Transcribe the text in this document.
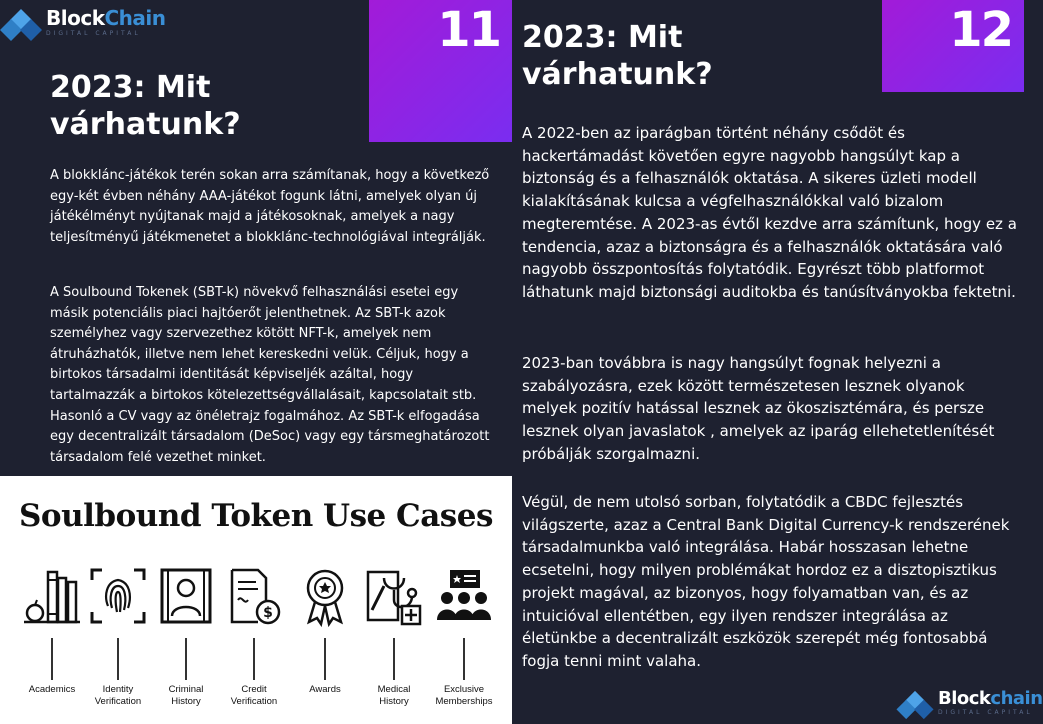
BlockChain
DIGITAL CAPITAL	11
2023: Mit
várhatunk?

A blokklánc-játékok terén sokan arra számítanak, hogy a következő egy-két évben néhány AAA-játékot fogunk látni, amelyek olyan új játékélményt nyújtanak majd a játékosoknak, amelyek a nagy teljesítményű játékmenetet a blokklánc-technológiával integrálják.

A Soulbound Tokenek (SBT-k) növekvő felhasználási esetei egy másik potenciális piaci hajtóerőt jelenthetnek. Az SBT-k azok személyhez vagy szervezethez kötött NFT-k, amelyek nem átruházhatók, illetve nem lehet kereskedni velük. Céljuk, hogy a birtokos társadalmi identitását képviseljék azáltal, hogy tartalmazzák a birtokos kötelezettségvállalásait, kapcsolatait stb. Hasonló a CV vagy az önéletrajz fogalmához. Az SBT-k elfogadása egy decentralizált társadalom (DeSoc) vagy egy társmeghatározott társadalom felé vezethet minket.

Soulbound Token Use Cases
Academics	Identity
Verification
Criminal
History
$
Credit
Verification
Awards	Medical
History
Exclusive
Memberships
12
2023: Mit
várhatunk?

A 2022-ben az iparágban történt néhány csődöt és hackertámadást követően egyre nagyobb hangsúlyt kap a biztonság és a felhasználók oktatása. A sikeres üzleti modell kialakításának kulcsa a végfelhasználókkal való bizalom megteremtése. A 2023-as évtől kezdve arra számítunk, hogy ez a tendencia, azaz a biztonságra és a felhasználók oktatására való nagyobb összpontosítás folytatódik. Egyrészt több platformot láthatunk majd biztonsági auditokba és tanúsítványokba fektetni.

2023-ban továbbra is nagy hangsúlyt fognak helyezni a szabályozásra, ezek között természetesen lesznek olyanok melyek pozitív hatással lesznek az ökoszisztémára, és persze lesznek olyan javaslatok , amelyek az iparág ellehetetlenítését próbálják szorgalmazni.

Végül, de nem utolsó sorban, folytatódik a CBDC fejlesztés világszerte, azaz a Central Bank Digital Currency-k rendszerének társadalmunkba való integrálása. Habár hosszasan lehetne ecsetelni, hogy milyen problémákat hordoz ez a disztopisztikus projekt magával, az bizonyos, hogy folyamatban van, és az intuicióval ellentétben, egy ilyen rendszer integrálása az életünkbe a decentralizált eszközök szerepét még fontosabbá fogja tenni mint valaha.

Blockchain
DIGITAL CAPITAL
